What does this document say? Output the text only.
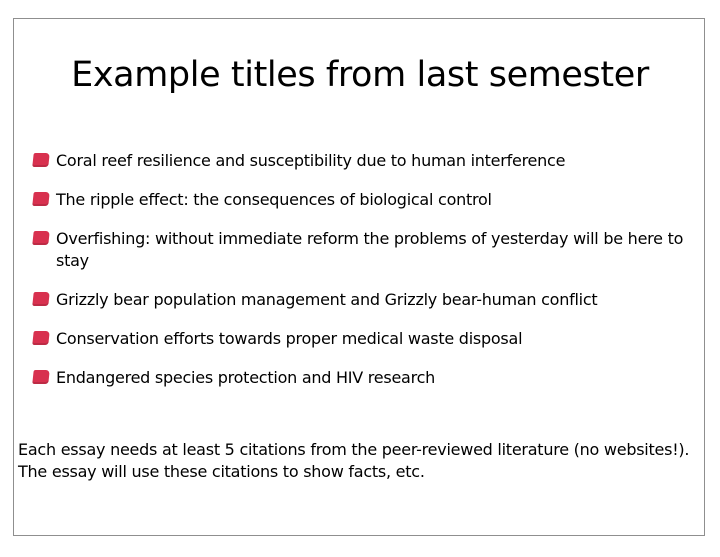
Example titles from last semester
Coral reef resilience and susceptibility due to human interference
The ripple effect: the consequences of biological control
Overfishing: without immediate reform the problems of yesterday will be here to stay
Grizzly bear population management and Grizzly bear-human conflict
Conservation efforts towards proper medical waste disposal
Endangered species protection and HIV research
Each essay needs at least 5 citations from the peer-reviewed literature (no websites!).
The essay will use these citations to show facts, etc.
